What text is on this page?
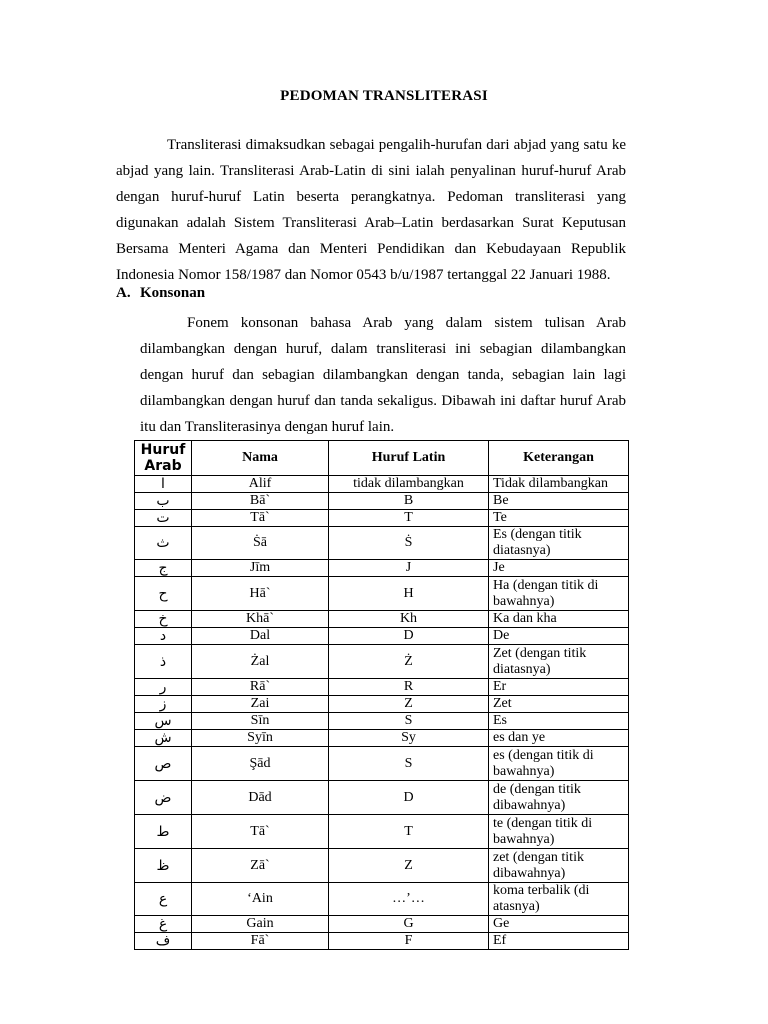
PEDOMAN TRANSLITERASI

Transliterasi dimaksudkan sebagai pengalih-hurufan dari abjad yang satu ke abjad yang lain. Transliterasi Arab-Latin di sini ialah penyalinan huruf-huruf Arab dengan huruf-huruf Latin beserta perangkatnya. Pedoman transliterasi yang digunakan adalah Sistem Transliterasi Arab–Latin berdasarkan Surat Keputusan Bersama Menteri Agama dan Menteri Pendidikan dan Kebudayaan Republik Indonesia Nomor 158/1987 dan Nomor 0543 b/u/1987 tertanggal 22 Januari 1988.

A. Konsonan

Fonem konsonan bahasa Arab yang dalam sistem tulisan Arab dilambangkan dengan huruf, dalam transliterasi ini sebagian dilambangkan dengan huruf dan sebagian dilambangkan dengan tanda, sebagian lain lagi dilambangkan dengan huruf dan tanda sekaligus. Dibawah ini daftar huruf Arab itu dan Transliterasinya dengan huruf lain.

Huruf Arab	Nama	Huruf Latin	Keterangan
ا	Alif	tidak dilambangkan	Tidak dilambangkan
ب	Bā`	B	Be
ت	Tā`	T	Te
ث	Ṡā	Ṡ	Es (dengan titik diatasnya)
ج	Jīm	J	Je
ح	Hā`	H	Ha (dengan titik di bawahnya)
خ	Khā`	Kh	Ka dan kha
د	Dal	D	De
ذ	Żal	Ż	Zet (dengan titik diatasnya)
ر	Rā`	R	Er
ز	Zai	Z	Zet
س	Sīn	S	Es
ش	Syīn	Sy	es dan ye
ص	Şād	S	es (dengan titik di bawahnya)
ض	Dād	D	de (dengan titik dibawahnya)
ط	Tā`	T	te (dengan titik di bawahnya)
ظ	Zā`	Z	zet (dengan titik dibawahnya)
ع	‘Ain	…’…	koma terbalik (di atasnya)
غ	Gain	G	Ge
ف	Fā`	F	Ef
